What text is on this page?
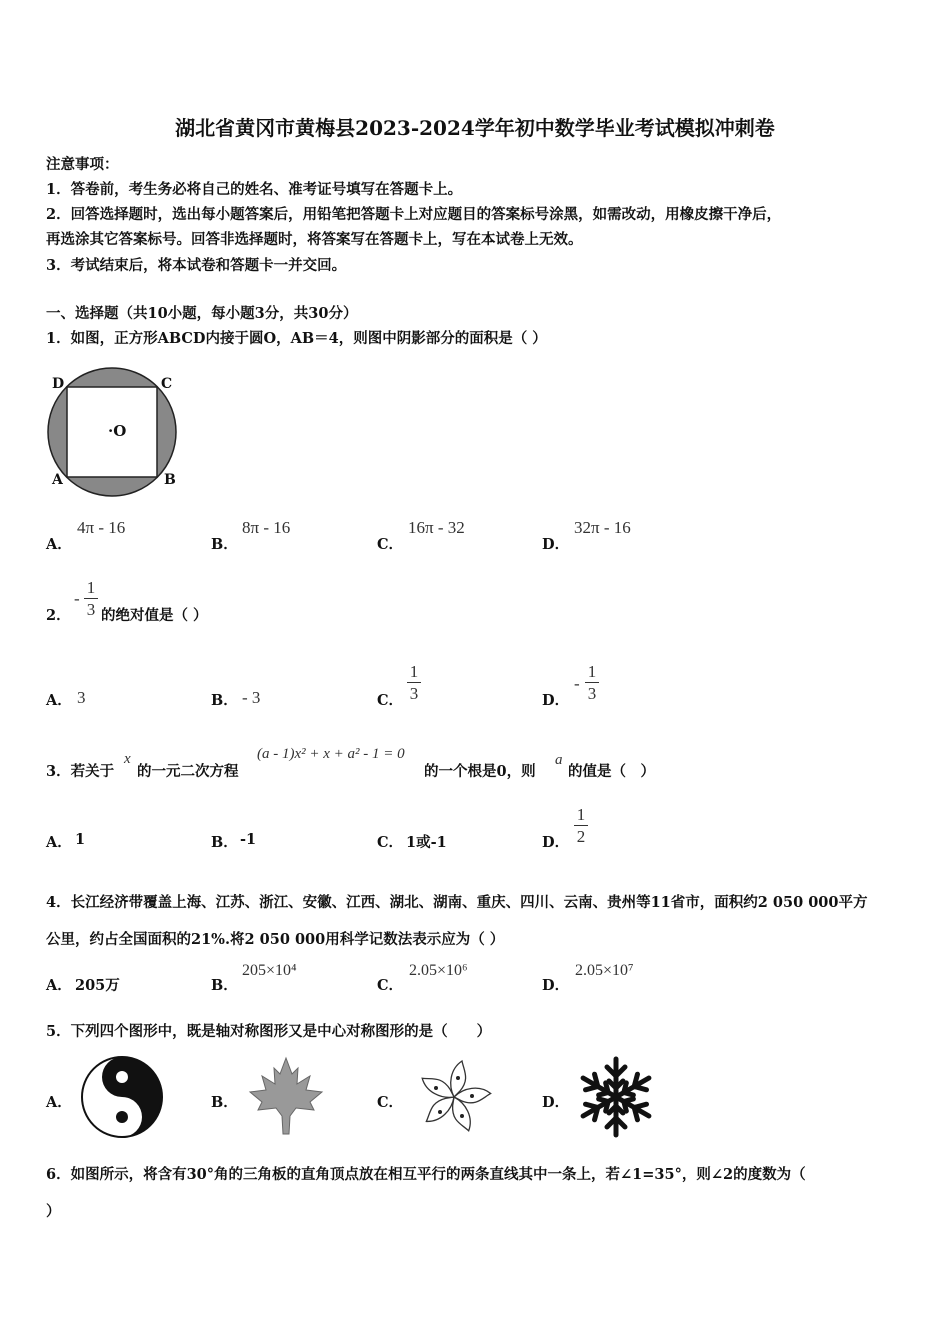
湖北省黄冈市黄梅县2023-2024学年初中数学毕业考试模拟冲刺卷
注意事项：
1．答卷前，考生务必将自己的姓名、准考证号填写在答题卡上。
2．回答选择题时，选出每小题答案后，用铅笔把答题卡上对应题目的答案标号涂黑，如需改动，用橡皮擦干净后，
再选涂其它答案标号。回答非选择题时，将答案写在答题卡上，写在本试卷上无效。
3．考试结束后，将本试卷和答题卡一并交回。
一、选择题（共10小题，每小题3分，共30分）
1．如图，正方形ABCD内接于圆O，AB＝4，则图中阴影部分的面积是（ ）
D	C
A	B
·O
A．
4π - 16
B．
8π - 16
C．
16π - 32
D．
32π - 16
2．
-
1
3 的绝对值是（ ）
A． 3	B． - 3	C．
1
3	D．
-
1
3
3．若关于
x
的一元二次方程
(a - 1)x² + x + a² - 1 = 0
的一个根是0，则
a
的值是（　）
A． 1	B． -1	C． 1或-1	D．
1
2
4．长江经济带覆盖上海、江苏、浙江、安徽、江西、湖北、湖南、重庆、四川、云南、贵州等11省市，面积约2 050 000平方
公里，约占全国面积的21%.将2 050 000用科学记数法表示应为（ ）
A． 205万	B．
205×10⁴
C．
2.05×10⁶
D．
2.05×10⁷
5．下列四个图形中，既是轴对称图形又是中心对称图形的是（　　）
A．	B．	C．	D．
6．如图所示，将含有30°角的三角板的直角顶点放在相互平行的两条直线其中一条上，若∠1=35°，则∠2的度数为（
）
